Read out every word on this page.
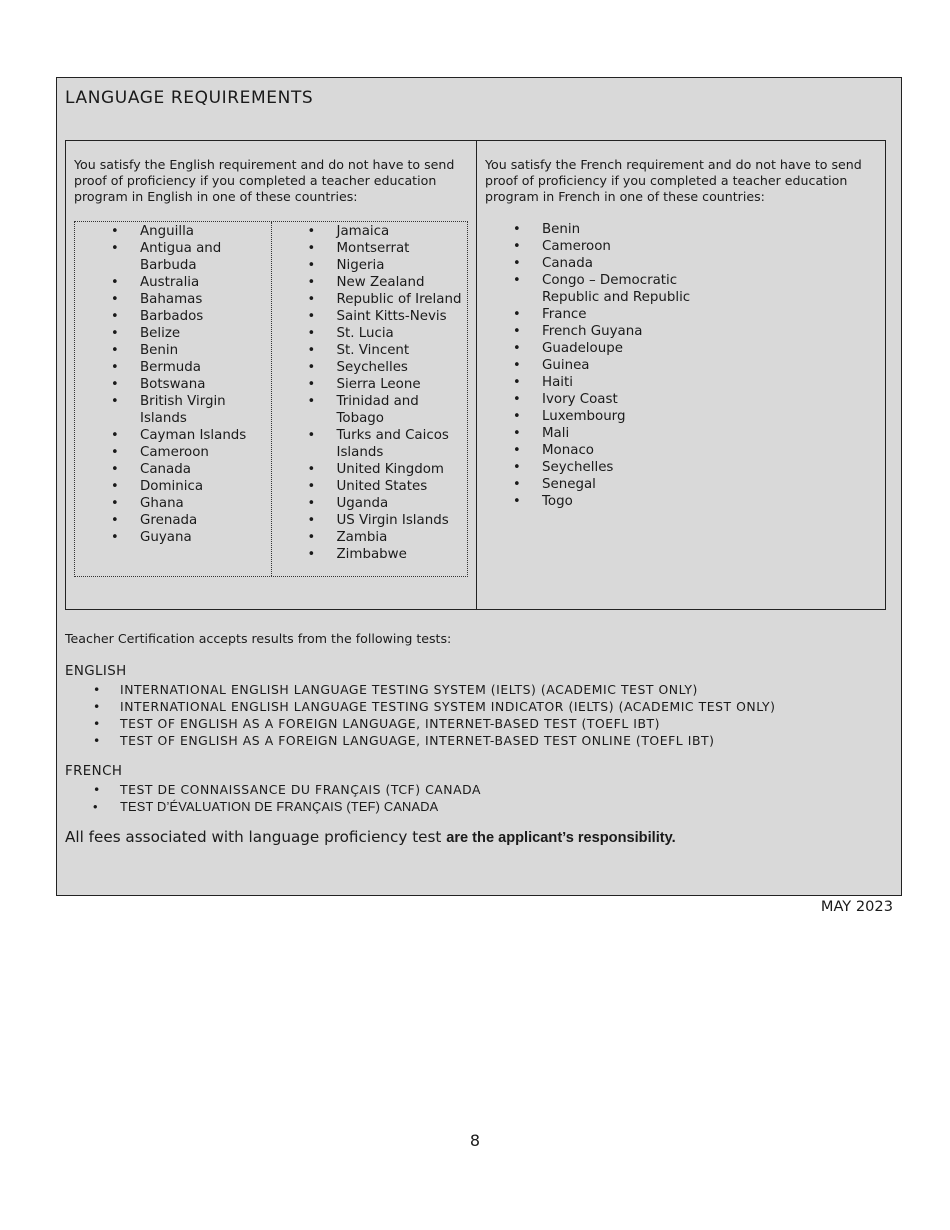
LANGUAGE REQUIREMENTS
You satisfy the English requirement and do not have to send proof of proficiency if you completed a teacher education program in English in one of these countries:
• Anguilla
• Antigua and Barbuda
• Australia
• Bahamas
• Barbados
• Belize
• Benin
• Bermuda
• Botswana
• British Virgin Islands
• Cayman Islands
• Cameroon
• Canada
• Dominica
• Ghana
• Grenada
• Guyana
• Jamaica
• Montserrat
• Nigeria
• New Zealand
• Republic of Ireland
• Saint Kitts-Nevis
• St. Lucia
• St. Vincent
• Seychelles
• Sierra Leone
• Trinidad and Tobago
• Turks and Caicos Islands
• United Kingdom
• United States
• Uganda
• US Virgin Islands
• Zambia
• Zimbabwe
You satisfy the French requirement and do not have to send proof of proficiency if you completed a teacher education program in French in one of these countries:
• Benin
• Cameroon
• Canada
• Congo – Democratic Republic and Republic
• France
• French Guyana
• Guadeloupe
• Guinea
• Haiti
• Ivory Coast
• Luxembourg
• Mali
• Monaco
• Seychelles
• Senegal
• Togo
Teacher Certification accepts results from the following tests:
ENGLISH
• INTERNATIONAL ENGLISH LANGUAGE TESTING SYSTEM (IELTS) (ACADEMIC TEST ONLY)
• INTERNATIONAL ENGLISH LANGUAGE TESTING SYSTEM INDICATOR (IELTS) (ACADEMIC TEST ONLY)
• TEST OF ENGLISH AS A FOREIGN LANGUAGE, INTERNET-BASED TEST (TOEFL IBT)
• TEST OF ENGLISH AS A FOREIGN LANGUAGE, INTERNET-BASED TEST ONLINE (TOEFL IBT)
FRENCH
• TEST DE CONNAISSANCE DU FRANÇAIS (TCF) CANADA
• TEST D’ÉVALUATION DE FRANÇAIS (TEF) CANADA
All fees associated with language proficiency test are the applicant’s responsibility.
MAY 2023
8
